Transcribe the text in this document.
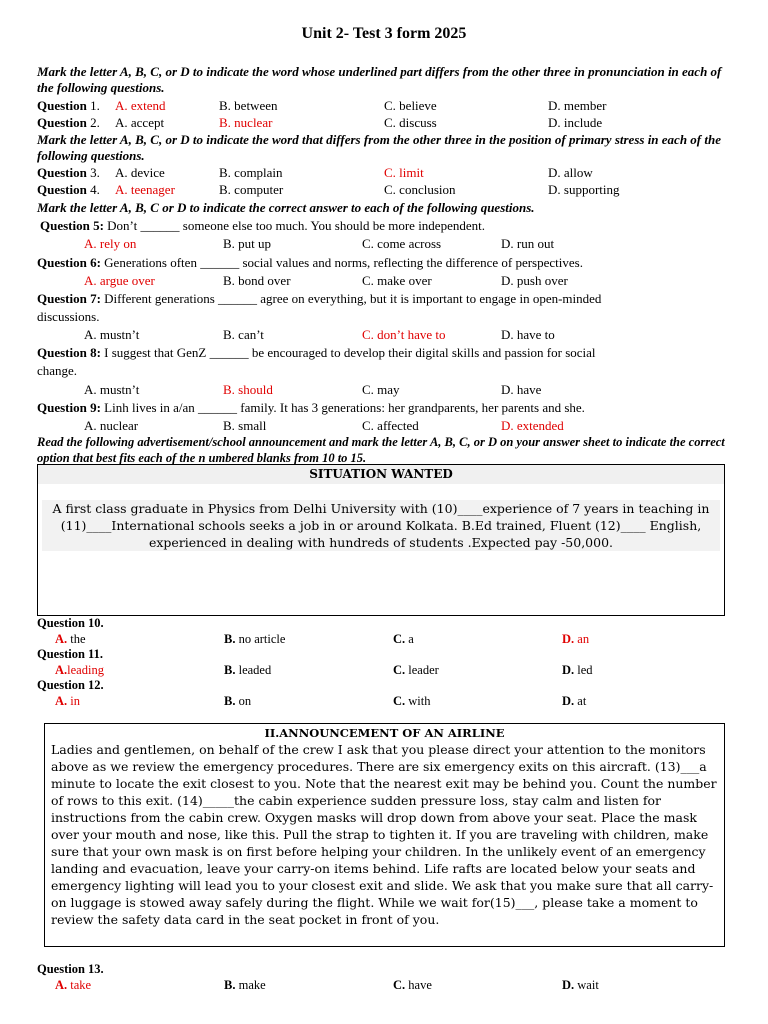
Unit 2- Test 3 form 2025
Mark the letter A, B, C, or D to indicate the word whose underlined part differs from the other three in pronunciation in each of the following questions.
Question 1. A. extend	B. between	C. believe	D. member
Question 2. A. accept	B. nuclear	C. discuss	D. include
Mark the letter A, B, C, or D to indicate the word that differs from the other three in the position of primary stress in each of the following questions.
Question 3. A. device	B. complain	C. limit	D. allow
Question 4. A. teenager	B. computer	C. conclusion	D. supporting
Mark the letter A, B, C or D to indicate the correct answer to each of the following questions.
Question 5: Don’t ______ someone else too much. You should be more independent.
A. rely on	B. put up	C. come across	D. run out
Question 6: Generations often ______ social values and norms, reflecting the difference of perspectives.
A. argue over	B. bond over	C. make over	D. push over
Question 7: Different generations ______ agree on everything, but it is important to engage in open-minded
discussions.
A. mustn’t	B. can’t	C. don’t have to	D. have to
Question 8: I suggest that GenZ ______ be encouraged to develop their digital skills and passion for social
change.
A. mustn’t	B. should	C. may	D. have
Question 9: Linh lives in a/an ______ family. It has 3 generations: her grandparents, her parents and she.
A. nuclear	B. small	C. affected	D. extended
Read the following advertisement/school announcement and mark the letter A, B, C, or D on your answer sheet to indicate the correct option that best fits each of the n umbered blanks from 10 to 15.
SITUATION WANTED
A first class graduate in Physics from Delhi University with (10)____experience of 7 years in teaching in (11)____International schools seeks a job in or around Kolkata. B.Ed trained, Fluent (12)____ English, experienced in dealing with hundreds of students .Expected pay -50,000.
Question 10.
A. the	B. no article	C. a	D. an
Question 11.
A.leading	B. leaded	C. leader	D. led
Question 12.
A. in	B. on	C. with	D. at
II.ANNOUNCEMENT OF AN AIRLINE
Ladies and gentlemen, on behalf of the crew I ask that you please direct your attention to the monitors above as we review the emergency procedures. There are six emergency exits on this aircraft. (13)___a minute to locate the exit closest to you. Note that the nearest exit may be behind you. Count the number of rows to this exit. (14)_____the cabin experience sudden pressure loss, stay calm and listen for instructions from the cabin crew. Oxygen masks will drop down from above your seat. Place the mask over your mouth and nose, like this. Pull the strap to tighten it. If you are traveling with children, make sure that your own mask is on first before helping your children. In the unlikely event of an emergency landing and evacuation, leave your carry-on items behind. Life rafts are located below your seats and emergency lighting will lead you to your closest exit and slide. We ask that you make sure that all carry-on luggage is stowed away safely during the flight. While we wait for(15)___, please take a moment to review the safety data card in the seat pocket in front of you.
Question 13.
A. take	B. make	C. have	D. wait
